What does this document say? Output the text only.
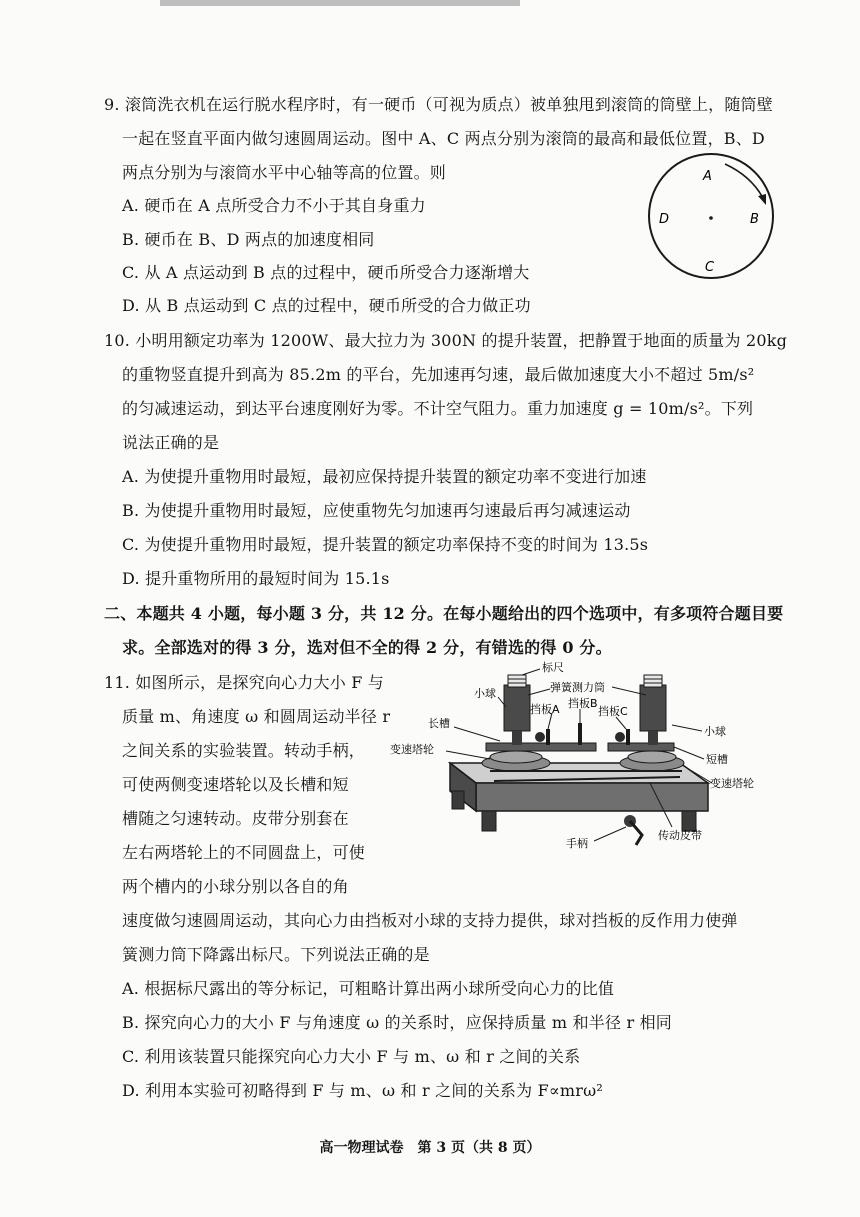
9. 滚筒洗衣机在运行脱水程序时，有一硬币（可视为质点）被单独甩到滚筒的筒壁上，随筒壁
一起在竖直平面内做匀速圆周运动。图中 A、C 两点分别为滚筒的最高和最低位置，B、D
两点分别为与滚筒水平中心轴等高的位置。则
A. 硬币在 A 点所受合力不小于其自身重力
B. 硬币在 B、D 两点的加速度相同
C. 从 A 点运动到 B 点的过程中，硬币所受合力逐渐增大
D. 从 B 点运动到 C 点的过程中，硬币所受的合力做正功
A
B
C
D
10. 小明用额定功率为 1200W、最大拉力为 300N 的提升装置，把静置于地面的质量为 20kg
的重物竖直提升到高为 85.2m 的平台，先加速再匀速，最后做加速度大小不超过 5m/s²
的匀减速运动，到达平台速度刚好为零。不计空气阻力。重力加速度 g = 10m/s²。下列
说法正确的是
A. 为使提升重物用时最短，最初应保持提升装置的额定功率不变进行加速
B. 为使提升重物用时最短，应使重物先匀加速再匀速最后再匀减速运动
C. 为使提升重物用时最短，提升装置的额定功率保持不变的时间为 13.5s
D. 提升重物所用的最短时间为 15.1s
二、本题共 4 小题，每小题 3 分，共 12 分。在每小题给出的四个选项中，有多项符合题目要
求。全部选对的得 3 分，选对但不全的得 2 分，有错选的得 0 分。
11. 如图所示，是探究向心力大小 F 与
质量 m、角速度 ω 和圆周运动半径 r
之间关系的实验装置。转动手柄，
可使两侧变速塔轮以及长槽和短
槽随之匀速转动。皮带分别套在
左右两塔轮上的不同圆盘上，可使
两个槽内的小球分别以各自的角
速度做匀速圆周运动，其向心力由挡板对小球的支持力提供，球对挡板的反作用力使弹
簧测力筒下降露出标尺。下列说法正确的是
A. 根据标尺露出的等分标记，可粗略计算出两小球所受向心力的比值
B. 探究向心力的大小 F 与角速度 ω 的关系时，应保持质量 m 和半径 r 相同
C. 利用该装置只能探究向心力大小 F 与 m、ω 和 r 之间的关系
D. 利用本实验可初略得到 F 与 m、ω 和 r 之间的关系为 F∝mrω²
标尺
弹簧测力筒
小球
挡板A 挡板B
挡板C
长槽
小球
短槽
变速塔轮
变速塔轮
手柄
传动皮带
高一物理试卷　第 3 页（共 8 页）
